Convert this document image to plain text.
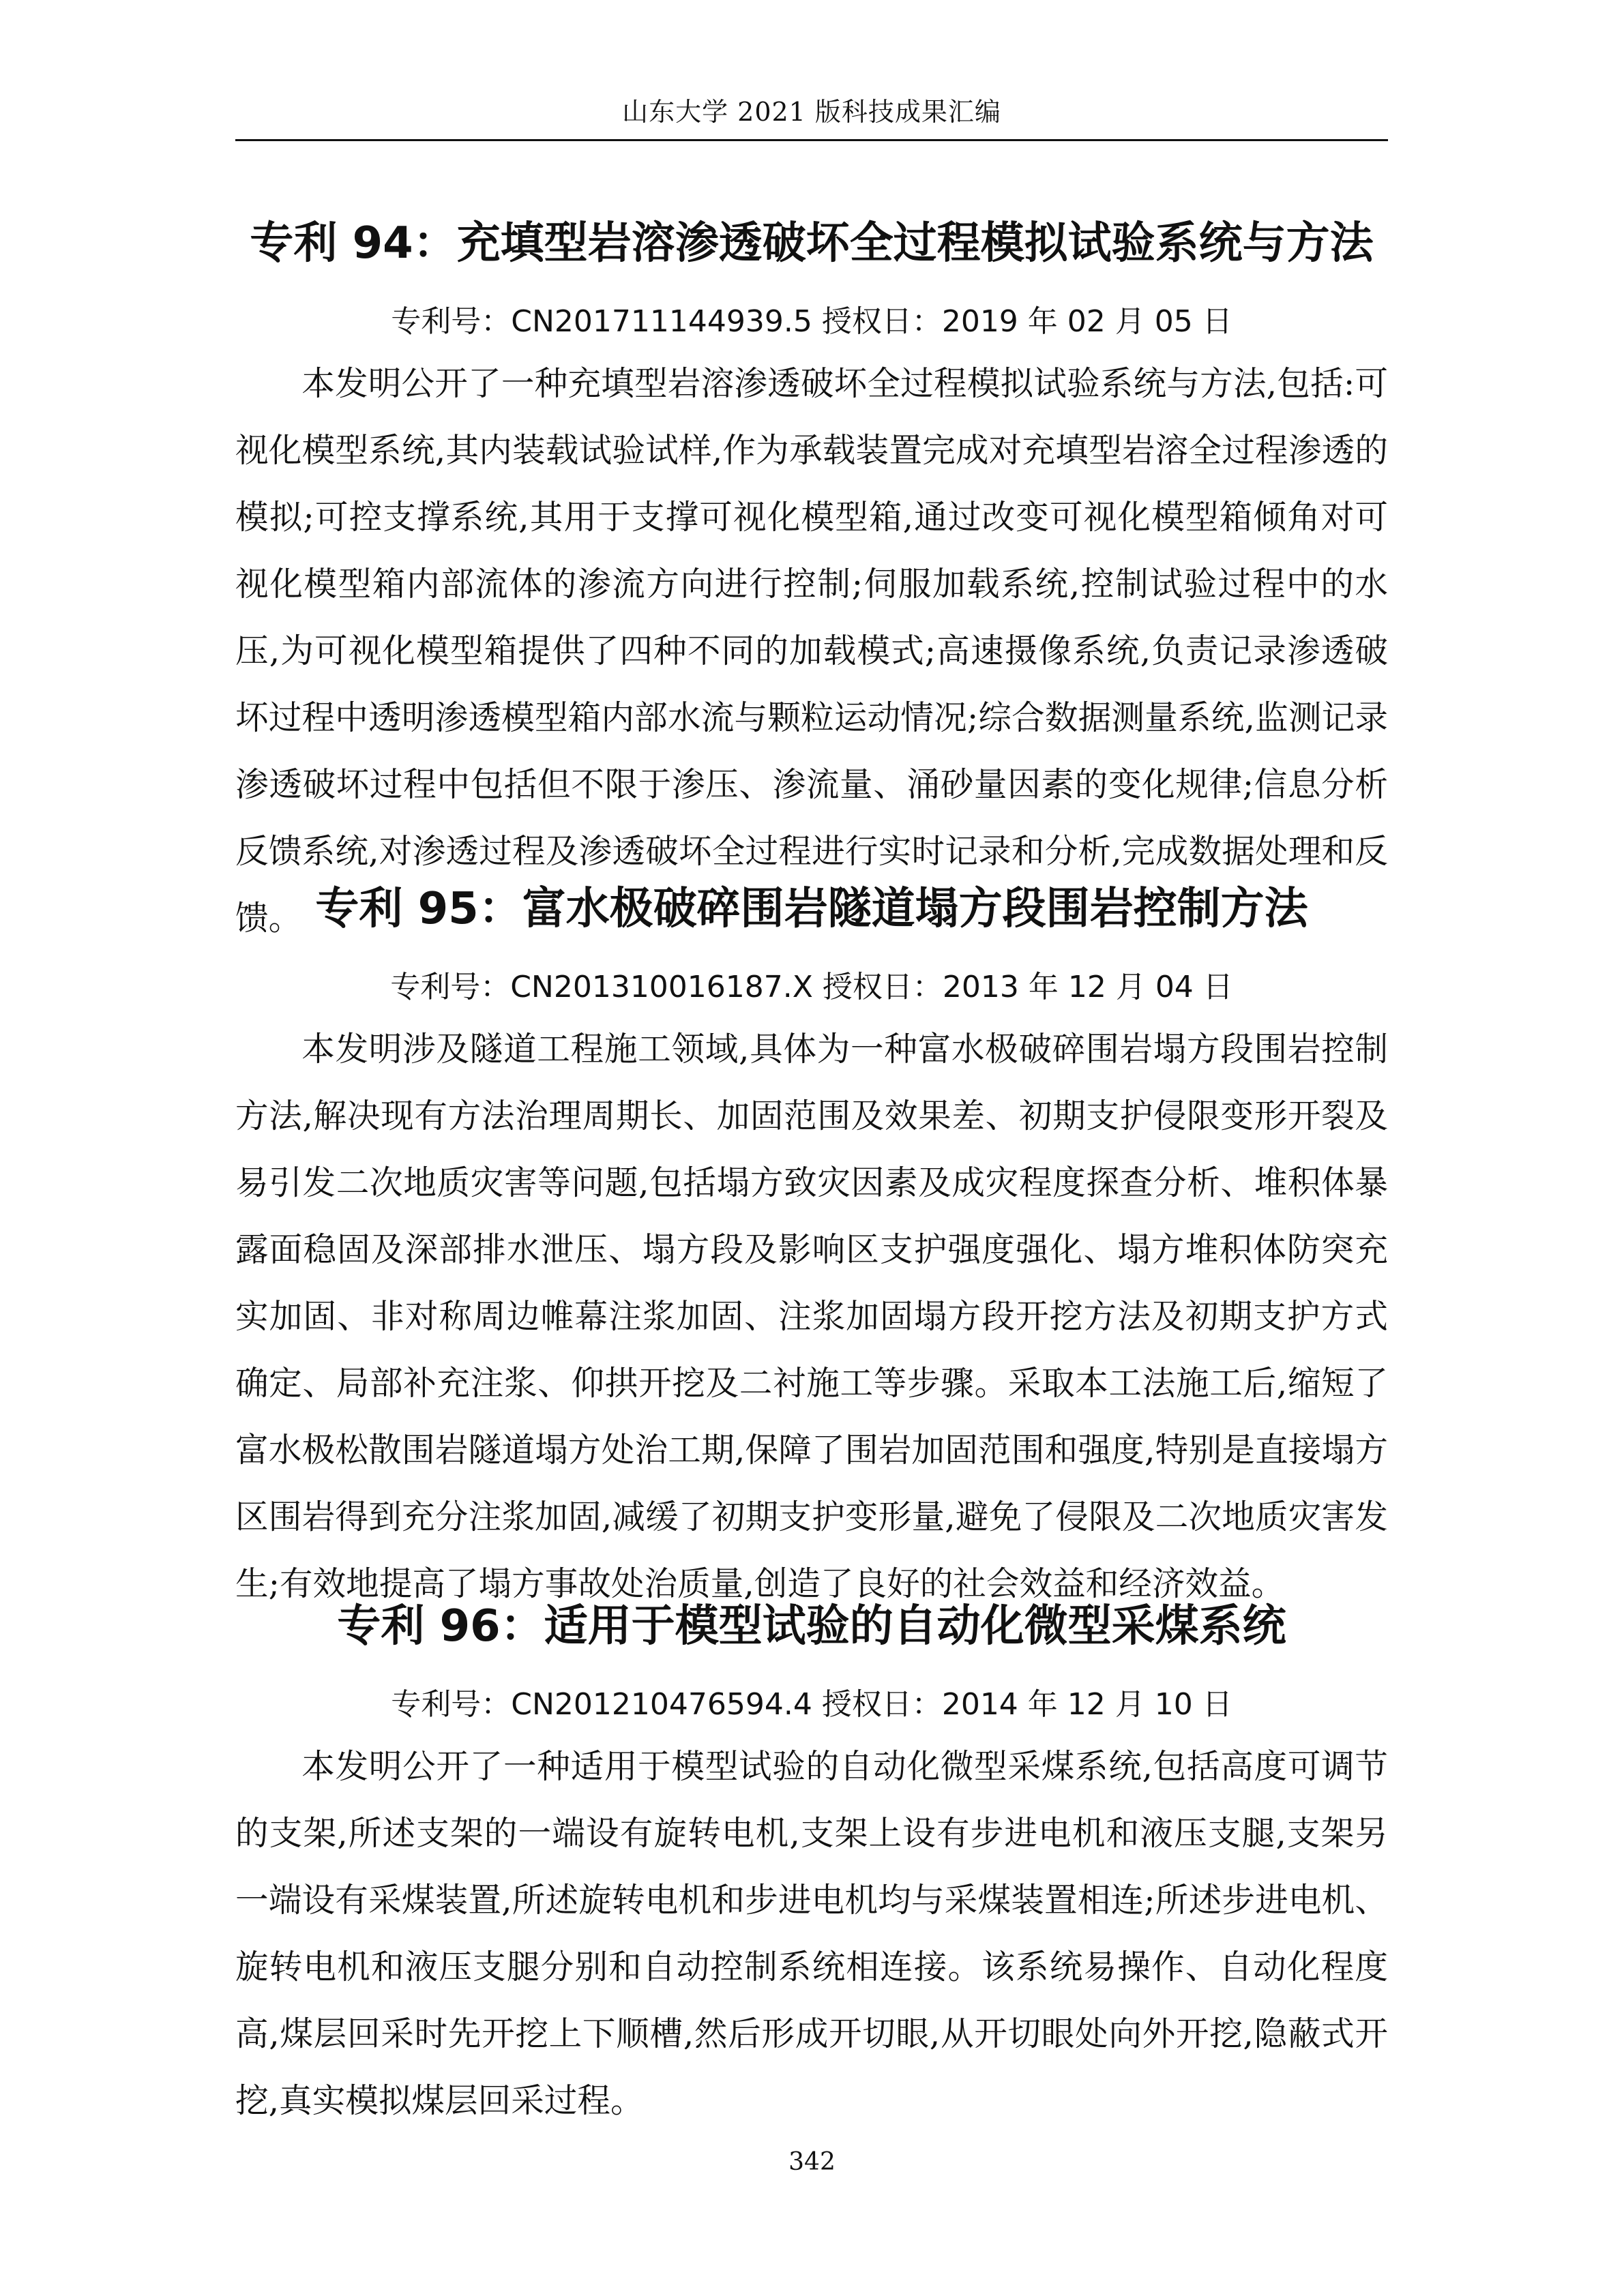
山东大学 2021 版科技成果汇编
专利 94：充填型岩溶渗透破坏全过程模拟试验系统与方法

专利号：CN201711144939.5 授权日：2019 年 02 月 05 日

本发明公开了一种充填型岩溶渗透破坏全过程模拟试验系统与方法,包括:可视化模型系统,其内装载试验试样,作为承载装置完成对充填型岩溶全过程渗透的模拟;可控支撑系统,其用于支撑可视化模型箱,通过改变可视化模型箱倾角对可视化模型箱内部流体的渗流方向进行控制;伺服加载系统,控制试验过程中的水压,为可视化模型箱提供了四种不同的加载模式;高速摄像系统,负责记录渗透破坏过程中透明渗透模型箱内部水流与颗粒运动情况;综合数据测量系统,监测记录渗透破坏过程中包括但不限于渗压、渗流量、涌砂量因素的变化规律;信息分析反馈系统,对渗透过程及渗透破坏全过程进行实时记录和分析,完成数据处理和反馈。 专利 95：富水极破碎围岩隧道塌方段围岩控制方法

专利号：CN201310016187.X 授权日：2013 年 12 月 04 日

本发明涉及隧道工程施工领域,具体为一种富水极破碎围岩塌方段围岩控制方法,解决现有方法治理周期长、加固范围及效果差、初期支护侵限变形开裂及易引发二次地质灾害等问题,包括塌方致灾因素及成灾程度探查分析、堆积体暴露面稳固及深部排水泄压、塌方段及影响区支护强度强化、塌方堆积体防突充实加固、非对称周边帷幕注浆加固、注浆加固塌方段开挖方法及初期支护方式确定、局部补充注浆、仰拱开挖及二衬施工等步骤。采取本工法施工后,缩短了富水极松散围岩隧道塌方处治工期,保障了围岩加固范围和强度,特别是直接塌方区围岩得到充分注浆加固,减缓了初期支护变形量,避免了侵限及二次地质灾害发生;有效地提高了塌方事故处治质量,创造了良好的社会效益和经济效益。

专利 96：适用于模型试验的自动化微型采煤系统

专利号：CN201210476594.4 授权日：2014 年 12 月 10 日

本发明公开了一种适用于模型试验的自动化微型采煤系统,包括高度可调节的支架,所述支架的一端设有旋转电机,支架上设有步进电机和液压支腿,支架另一端设有采煤装置,所述旋转电机和步进电机均与采煤装置相连;所述步进电机、旋转电机和液压支腿分别和自动控制系统相连接。该系统易操作、自动化程度高,煤层回采时先开挖上下顺槽,然后形成开切眼,从开切眼处向外开挖,隐蔽式开挖,真实模拟煤层回采过程。

342
